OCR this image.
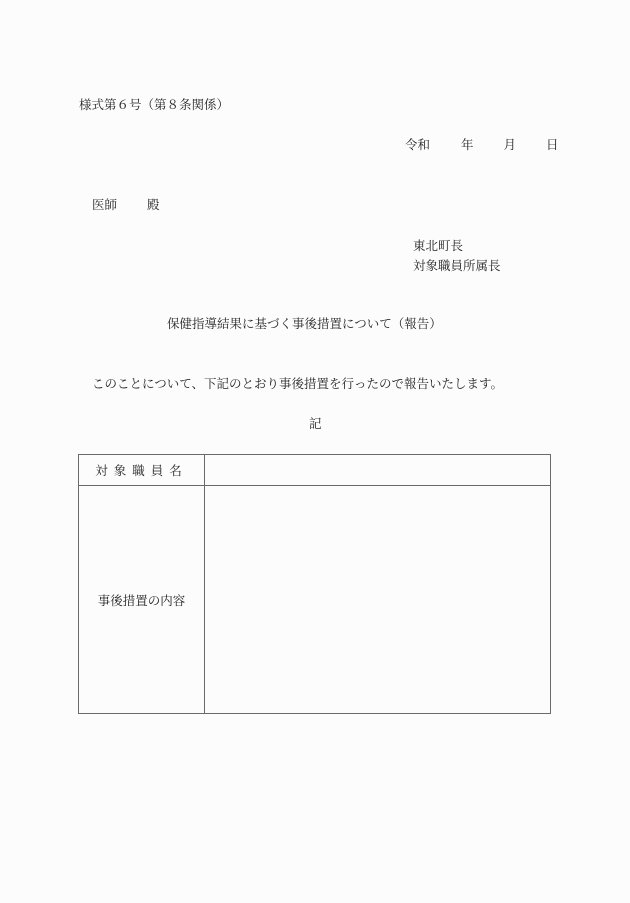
様式第６号（第８条関係）
令和 年 月 日
医師 殿
東北町長
対象職員所属長
保健指導結果に基づく事後措置について（報告）
このことについて、下記のとおり事後措置を行ったので報告いたします。
記
対象職員名	
事後措置の内容	
